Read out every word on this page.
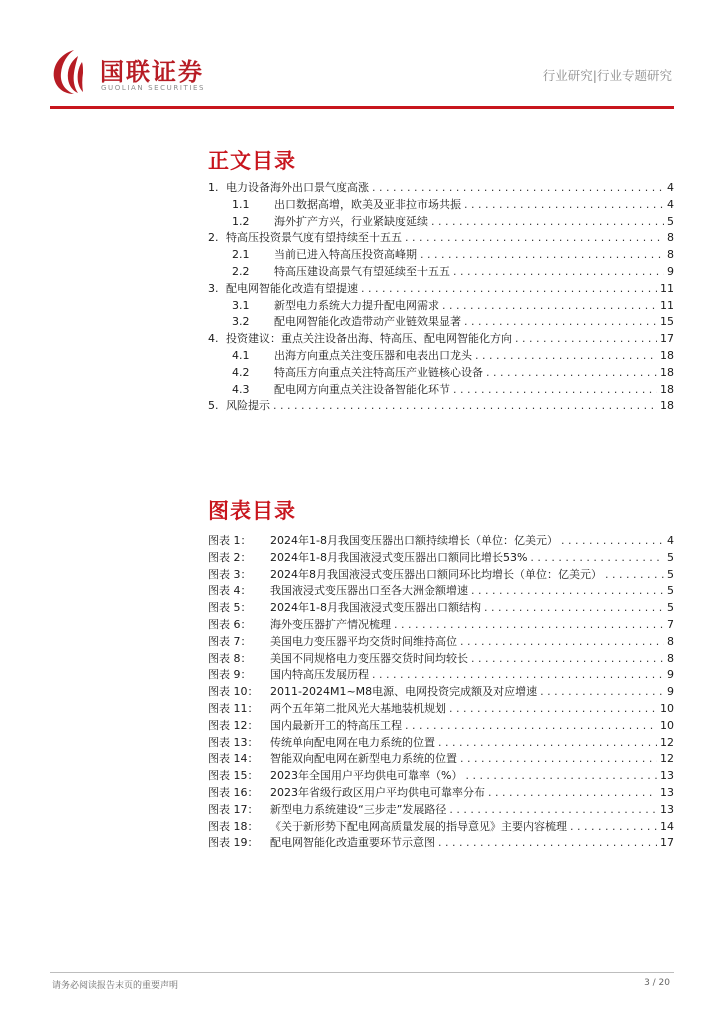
国联证券
GUOLIAN SECURITIES
行业研究|行业专题研究
正文目录
1. 电力设备海外出口景气度高涨 . . .	4
1.1	出口数据高增，欧美及亚非拉市场共振 . . .	4
1.2	海外扩产方兴，行业紧缺度延续 . . .	5
2. 特高压投资景气度有望持续至十五五 . . .	8
2.1	当前已进入特高压投资高峰期 . . .	8
2.2	特高压建设高景气有望延续至十五五 . . .	9
3. 配电网智能化改造有望提速 . . .	11
3.1	新型电力系统大力提升配电网需求 . . .	11
3.2	配电网智能化改造带动产业链效果显著 . . .	15
4. 投资建议：重点关注设备出海、特高压、配电网智能化方向 . . .	17
4.1	出海方向重点关注变压器和电表出口龙头 . . .	18
4.2	特高压方向重点关注特高压产业链核心设备 . . .	18
4.3	配电网方向重点关注设备智能化环节 . . .	18
5. 风险提示 . . .	18
图表目录
图表 1：	2024年1-8月我国变压器出口额持续增长（单位：亿美元） . . .	4
图表 2：	2024年1-8月我国液浸式变压器出口额同比增长53% . . .	5
图表 3：	2024年8月我国液浸式变压器出口额同环比均增长（单位：亿美元） . . .	5
图表 4：	我国液浸式变压器出口至各大洲金额增速 . . .	5
图表 5：	2024年1-8月我国液浸式变压器出口额结构 . . .	5
图表 6：	海外变压器扩产情况梳理 . . .	7
图表 7：	美国电力变压器平均交货时间维持高位 . . .	8
图表 8：	美国不同规格电力变压器交货时间均较长 . . .	8
图表 9：	国内特高压发展历程 . . .	9
图表 10：	2011-2024M1~M8电源、电网投资完成额及对应增速 . . .	9
图表 11：	两个五年第二批风光大基地装机规划 . . .	10
图表 12：	国内最新开工的特高压工程 . . .	10
图表 13：	传统单向配电网在电力系统的位置 . . .	12
图表 14：	智能双向配电网在新型电力系统的位置 . . .	12
图表 15：	2023年全国用户平均供电可靠率（%） . . .	13
图表 16：	2023年省级行政区用户平均供电可靠率分布 . . .	13
图表 17：	新型电力系统建设“三步走”发展路径 . . .	13
图表 18：	《关于新形势下配电网高质量发展的指导意见》主要内容梳理 . . .	14
图表 19：	配电网智能化改造重要环节示意图 . . .	17
请务必阅读报告末页的重要声明	3 / 20
